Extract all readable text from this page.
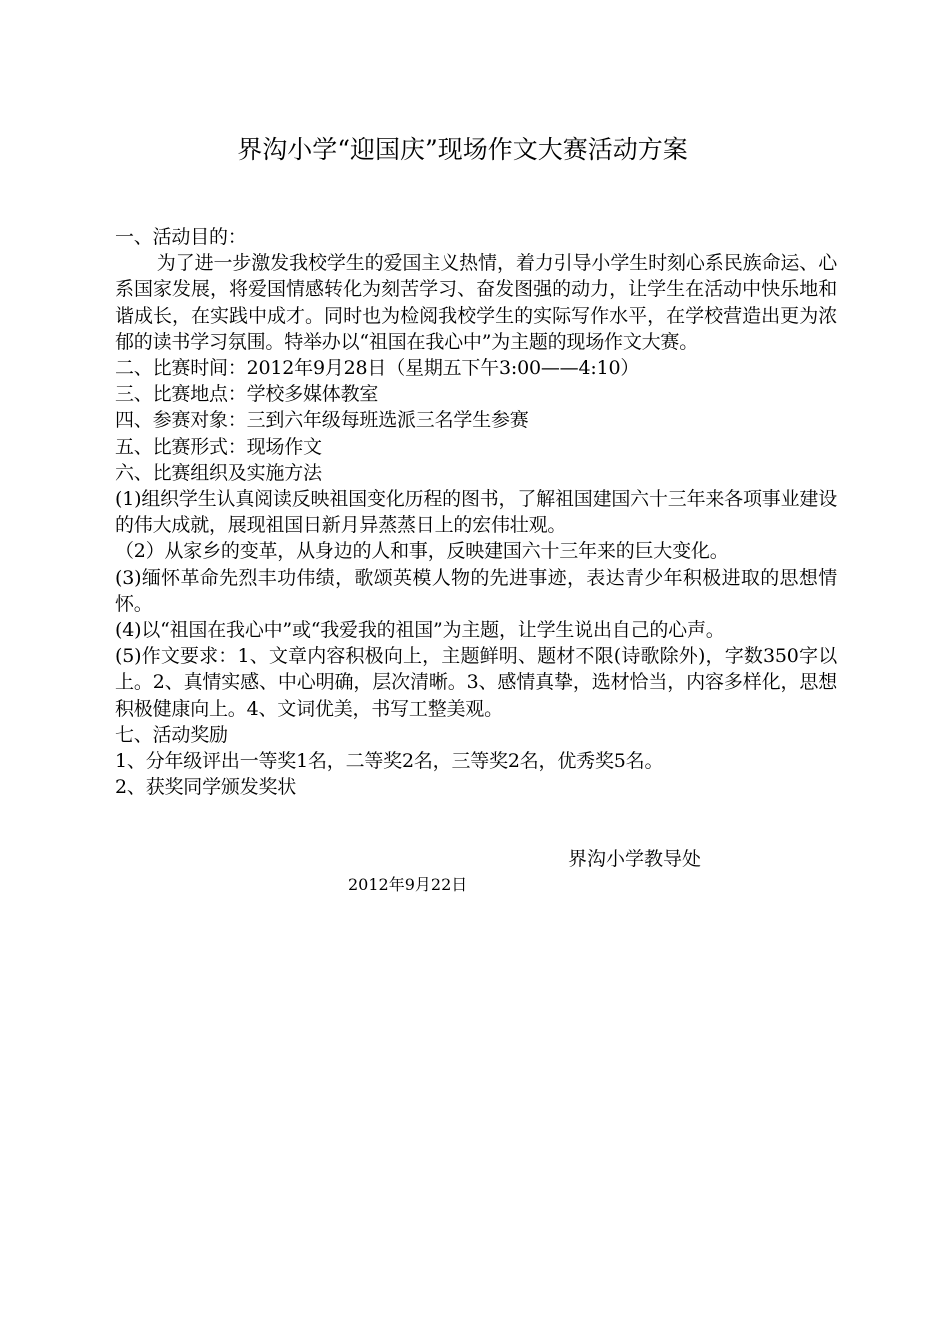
界沟小学“迎国庆”现场作文大赛活动方案

一、活动目的：

为了进一步激发我校学生的爱国主义热情，着力引导小学生时刻心系民族命运、心系国家发展，将爱国情感转化为刻苦学习、奋发图强的动力，让学生在活动中快乐地和谐成长，在实践中成才。同时也为检阅我校学生的实际写作水平，在学校营造出更为浓郁的读书学习氛围。特举办以“祖国在我心中”为主题的现场作文大赛。

二、比赛时间：2012年9月28日（星期五下午3:00——4:10）

三、比赛地点：学校多媒体教室

四、参赛对象：三到六年级每班选派三名学生参赛

五、比赛形式：现场作文

六、比赛组织及实施方法

(1)组织学生认真阅读反映祖国变化历程的图书，了解祖国建国六十三年来各项事业建设的伟大成就，展现祖国日新月异蒸蒸日上的宏伟壮观。

（2）从家乡的变革，从身边的人和事，反映建国六十三年来的巨大变化。

(3)缅怀革命先烈丰功伟绩，歌颂英模人物的先进事迹，表达青少年积极进取的思想情怀。

(4)以“祖国在我心中”或“我爱我的祖国”为主题，让学生说出自己的心声。

(5)作文要求：1、文章内容积极向上，主题鲜明、题材不限(诗歌除外)，字数350字以上。2、真情实感、中心明确，层次清晰。3、感情真挚，选材恰当，内容多样化，思想积极健康向上。4、文词优美，书写工整美观。

七、活动奖励

1、分年级评出一等奖1名，二等奖2名，三等奖2名，优秀奖5名。

2、获奖同学颁发奖状

界沟小学教导处
2012年9月22日
